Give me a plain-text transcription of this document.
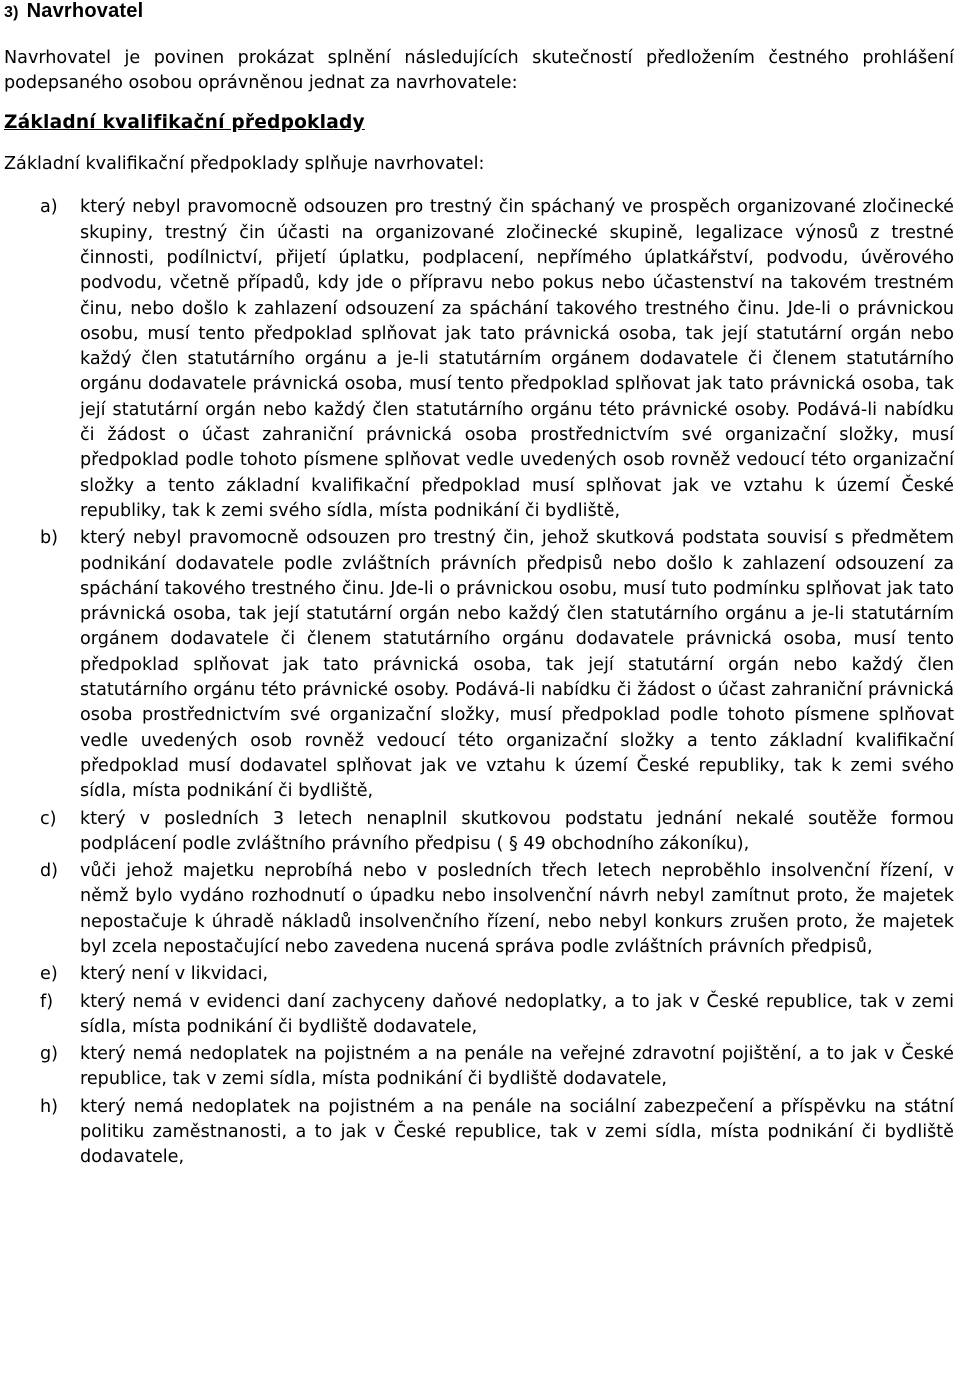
3) Navrhovatel

Navrhovatel je povinen prokázat splnění následujících skutečností předložením čestného prohlášení podepsaného osobou oprávněnou jednat za navrhovatele:

Základní kvalifikační předpoklady

Základní kvalifikační předpoklady splňuje navrhovatel:

a) který nebyl pravomocně odsouzen pro trestný čin spáchaný ve prospěch organizované zločinecké skupiny, trestný čin účasti na organizované zločinecké skupině, legalizace výnosů z trestné činnosti, podílnictví, přijetí úplatku, podplacení, nepřímého úplatkářství, podvodu, úvěrového podvodu, včetně případů, kdy jde o přípravu nebo pokus nebo účastenství na takovém trestném činu, nebo došlo k zahlazení odsouzení za spáchání takového trestného činu. Jde-li o právnickou osobu, musí tento předpoklad splňovat jak tato právnická osoba, tak její statutární orgán nebo každý člen statutárního orgánu a je-li statutárním orgánem dodavatele či členem statutárního orgánu dodavatele právnická osoba, musí tento předpoklad splňovat jak tato právnická osoba, tak její statutární orgán nebo každý člen statutárního orgánu této právnické osoby. Podává-li nabídku či žádost o účast zahraniční právnická osoba prostřednictvím své organizační složky, musí předpoklad podle tohoto písmene splňovat vedle uvedených osob rovněž vedoucí této organizační složky a tento základní kvalifikační předpoklad musí splňovat jak ve vztahu k území České republiky, tak k zemi svého sídla, místa podnikání či bydliště,
b) který nebyl pravomocně odsouzen pro trestný čin, jehož skutková podstata souvisí s předmětem podnikání dodavatele podle zvláštních právních předpisů nebo došlo k zahlazení odsouzení za spáchání takového trestného činu. Jde-li o právnickou osobu, musí tuto podmínku splňovat jak tato právnická osoba, tak její statutární orgán nebo každý člen statutárního orgánu a je-li statutárním orgánem dodavatele či členem statutárního orgánu dodavatele právnická osoba, musí tento předpoklad splňovat jak tato právnická osoba, tak její statutární orgán nebo každý člen statutárního orgánu této právnické osoby. Podává-li nabídku či žádost o účast zahraniční právnická osoba prostřednictvím své organizační složky, musí předpoklad podle tohoto písmene splňovat vedle uvedených osob rovněž vedoucí této organizační složky a tento základní kvalifikační předpoklad musí dodavatel splňovat jak ve vztahu k území České republiky, tak k zemi svého sídla, místa podnikání či bydliště,
c) který v posledních 3 letech nenaplnil skutkovou podstatu jednání nekalé soutěže formou podplácení podle zvláštního právního předpisu ( § 49 obchodního zákoníku),
d) vůči jehož majetku neprobíhá nebo v posledních třech letech neproběhlo insolvenční řízení, v němž bylo vydáno rozhodnutí o úpadku nebo insolvenční návrh nebyl zamítnut proto, že majetek nepostačuje k úhradě nákladů insolvenčního řízení, nebo nebyl konkurs zrušen proto, že majetek byl zcela nepostačující nebo zavedena nucená správa podle zvláštních právních předpisů,
e) který není v likvidaci,
f) který nemá v evidenci daní zachyceny daňové nedoplatky, a to jak v České republice, tak v zemi sídla, místa podnikání či bydliště dodavatele,
g) který nemá nedoplatek na pojistném a na penále na veřejné zdravotní pojištění, a to jak v České republice, tak v zemi sídla, místa podnikání či bydliště dodavatele,
h) který nemá nedoplatek na pojistném a na penále na sociální zabezpečení a příspěvku na státní politiku zaměstnanosti, a to jak v České republice, tak v zemi sídla, místa podnikání či bydliště dodavatele,
